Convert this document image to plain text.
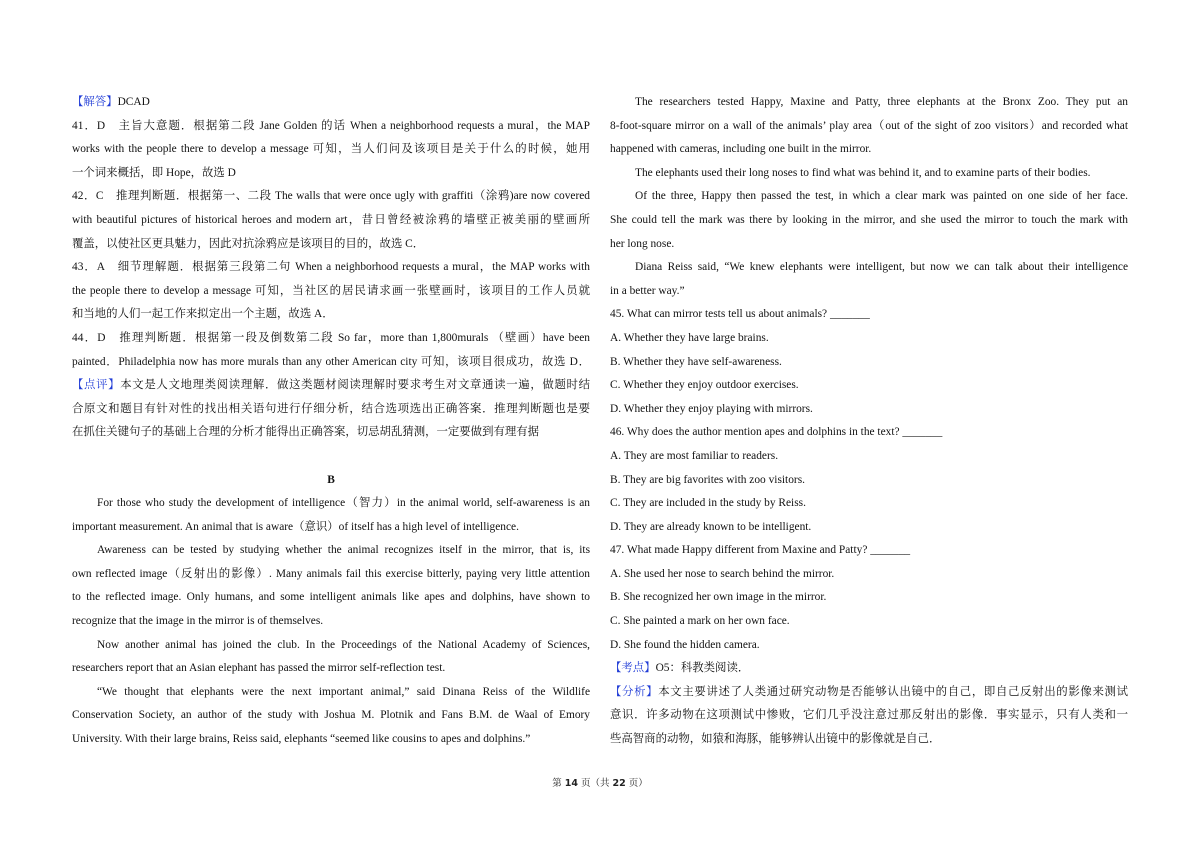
【解答】DCAD
41．D　主旨大意题．根据第二段 Jane Golden 的话 When a neighborhood requests a mural，the MAP
works with the people there to develop a message 可知，当人们问及该项目是关于什么的时候，她用
一个词来概括，即 Hope，故选 D
42．C　推理判断题．根据第一、二段 The walls that were once ugly with graffiti（涂鸦)are now covered
with beautiful pictures of historical heroes and modern art，昔日曾经被涂鸦的墙壁正被美丽的壁画所
覆盖，以使社区更具魅力，因此对抗涂鸦应是该项目的目的，故选 C．
43．A　细节理解题．根据第三段第二句 When a neighborhood requests a mural，the MAP works with
the people there to develop a message 可知，当社区的居民请求画一张壁画时，该项目的工作人员就
和当地的人们一起工作来拟定出一个主题，故选 A．
44．D　推理判断题．根据第一段及倒数第二段 So far，more than 1,800murals （壁画）have been
painted．Philadelphia now has more murals than any other American city 可知，该项目很成功，故选 D．
【点评】本文是人文地理类阅读理解．做这类题材阅读理解时要求考生对文章通读一遍，做题时结
合原文和题目有针对性的找出相关语句进行仔细分析，结合选项选出正确答案．推理判断题也是要
在抓住关键句子的基础上合理的分析才能得出正确答案，切忌胡乱猜测，一定要做到有理有据
B
For those who study the development of intelligence（智力）in the animal world, self-awareness is an
important measurement. An animal that is aware（意识）of itself has a high level of intelligence.
Awareness can be tested by studying whether the animal recognizes itself in the mirror, that is, its
own reflected image（反射出的影像）. Many animals fail this exercise bitterly, paying very little attention
to the reflected image. Only humans, and some intelligent animals like apes and dolphins, have shown to
recognize that the image in the mirror is of themselves.
Now another animal has joined the club. In the Proceedings of the National Academy of Sciences,
researchers report that an Asian elephant has passed the mirror self-reflection test.
“We thought that elephants were the next important animal,” said Dinana Reiss of the Wildlife
Conservation Society, an author of the study with Joshua M. Plotnik and Fans B.M. de Waal of Emory
University. With their large brains, Reiss said, elephants “seemed like cousins to apes and dolphins.”
The researchers tested Happy, Maxine and Patty, three elephants at the Bronx Zoo. They put an
8-foot-square mirror on a wall of the animals’ play area（out of the sight of zoo visitors）and recorded what
happened with cameras, including one built in the mirror.
The elephants used their long noses to find what was behind it, and to examine parts of their bodies.
Of the three, Happy then passed the test, in which a clear mark was painted on one side of her face.
She could tell the mark was there by looking in the mirror, and she used the mirror to touch the mark with
her long nose.
Diana Reiss said, “We knew elephants were intelligent, but now we can talk about their intelligence
in a better way.”
45. What can mirror tests tell us about animals? _______
A. Whether they have large brains.
B. Whether they have self-awareness.
C. Whether they enjoy outdoor exercises.
D. Whether they enjoy playing with mirrors.
46. Why does the author mention apes and dolphins in the text? _______
A. They are most familiar to readers.
B. They are big favorites with zoo visitors.
C. They are included in the study by Reiss.
D. They are already known to be intelligent.
47. What made Happy different from Maxine and Patty? _______
A. She used her nose to search behind the mirror.
B. She recognized her own image in the mirror.
C. She painted a mark on her own face.
D. She found the hidden camera.
【考点】O5：科教类阅读．
【分析】本文主要讲述了人类通过研究动物是否能够认出镜中的自己，即自己反射出的影像来测试
意识．许多动物在这项测试中惨败，它们几乎没注意过那反射出的影像．事实显示，只有人类和一
些高智商的动物，如猿和海豚，能够辨认出镜中的影像就是自己．
第 14 页（共 22 页）
